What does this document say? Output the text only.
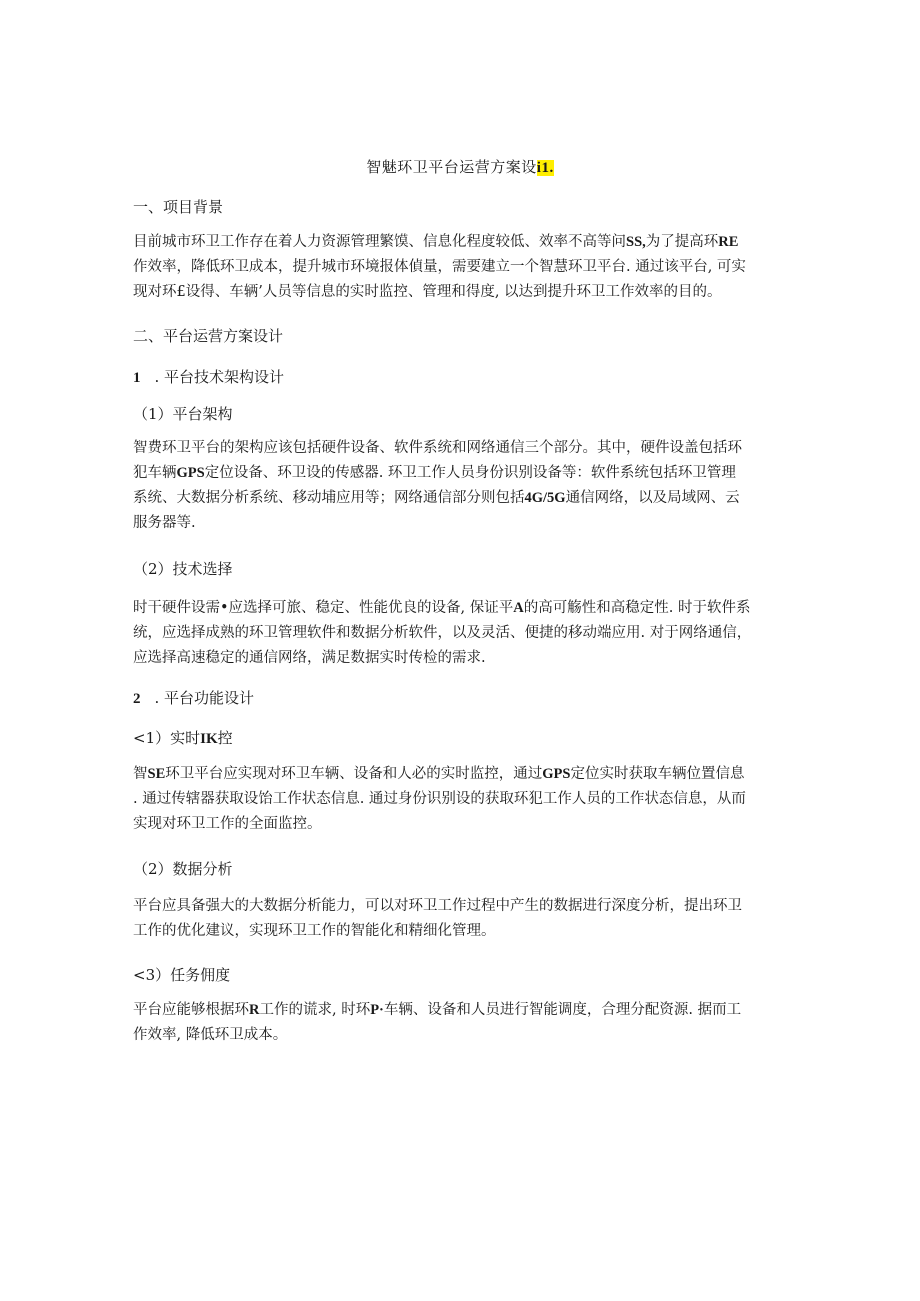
智魅环卫平台运营方案设i1.
一、项目背景
目前城市环卫工作存在着人力资源管理繁馍、信息化程度较低、效率不高等问SS,为了提高环RE
作效率，降低环卫成本，提升城市环境报体偵量，需要建立一个智慧环卫平台. 通过该平台, 可实
现对环£设得、车辆’人员等信息的实时监控、管理和得度, 以达到提升环卫工作效率的目的。
二、平台运营方案设计
1 . 平台技术架构设计
（1）平台架构
智费环卫平台的架构应该包括硬件设备、软件系统和网络通信三个部分。其中，硬件设盖包括环
犯车辆GPS定位设备、环卫设的传感器. 环卫工作人员身份识别设备等：软件系统包括环卫管理
系统、大数据分析系统、移动埔应用等；网络通信部分则包括4G/5G通信网络，以及局域网、云
服务器等.
（2）技术选择
时干硬件设需•应选择可旅、稳定、性能优良的设备, 保证平A的高可觞性和高稳定性. 时于软件系
统，应选择成熟的环卫管理软件和数据分析软件，以及灵活、便捷的移动端应用. 对于网络通信，
应选择高速稳定的通信网络，满足数据实时传检的需求.
2 . 平台功能设计
<1）实时IK控
智SE环卫平台应实现对环卫车辆、设备和人必的实时监控，通过GPS定位实时获取车辆位置信息
. 通过传辖器获取设饴工作状态信息. 通过身份识别设的获取环犯工作人员的工作状态信息，从而
实现对环卫工作的全面监控。
（2）数据分析
平台应具备强大的大数据分析能力，可以对环卫工作过程中产生的数据进行深度分析，提出环卫
工作的优化建议，实现环卫工作的智能化和精细化管理。
<3）任务佣度
平台应能够根据环R工作的谎求, 时环P·车辆、设备和人员进行智能调度，合理分配资源. 据而工
作效率, 降低环卫成本。
